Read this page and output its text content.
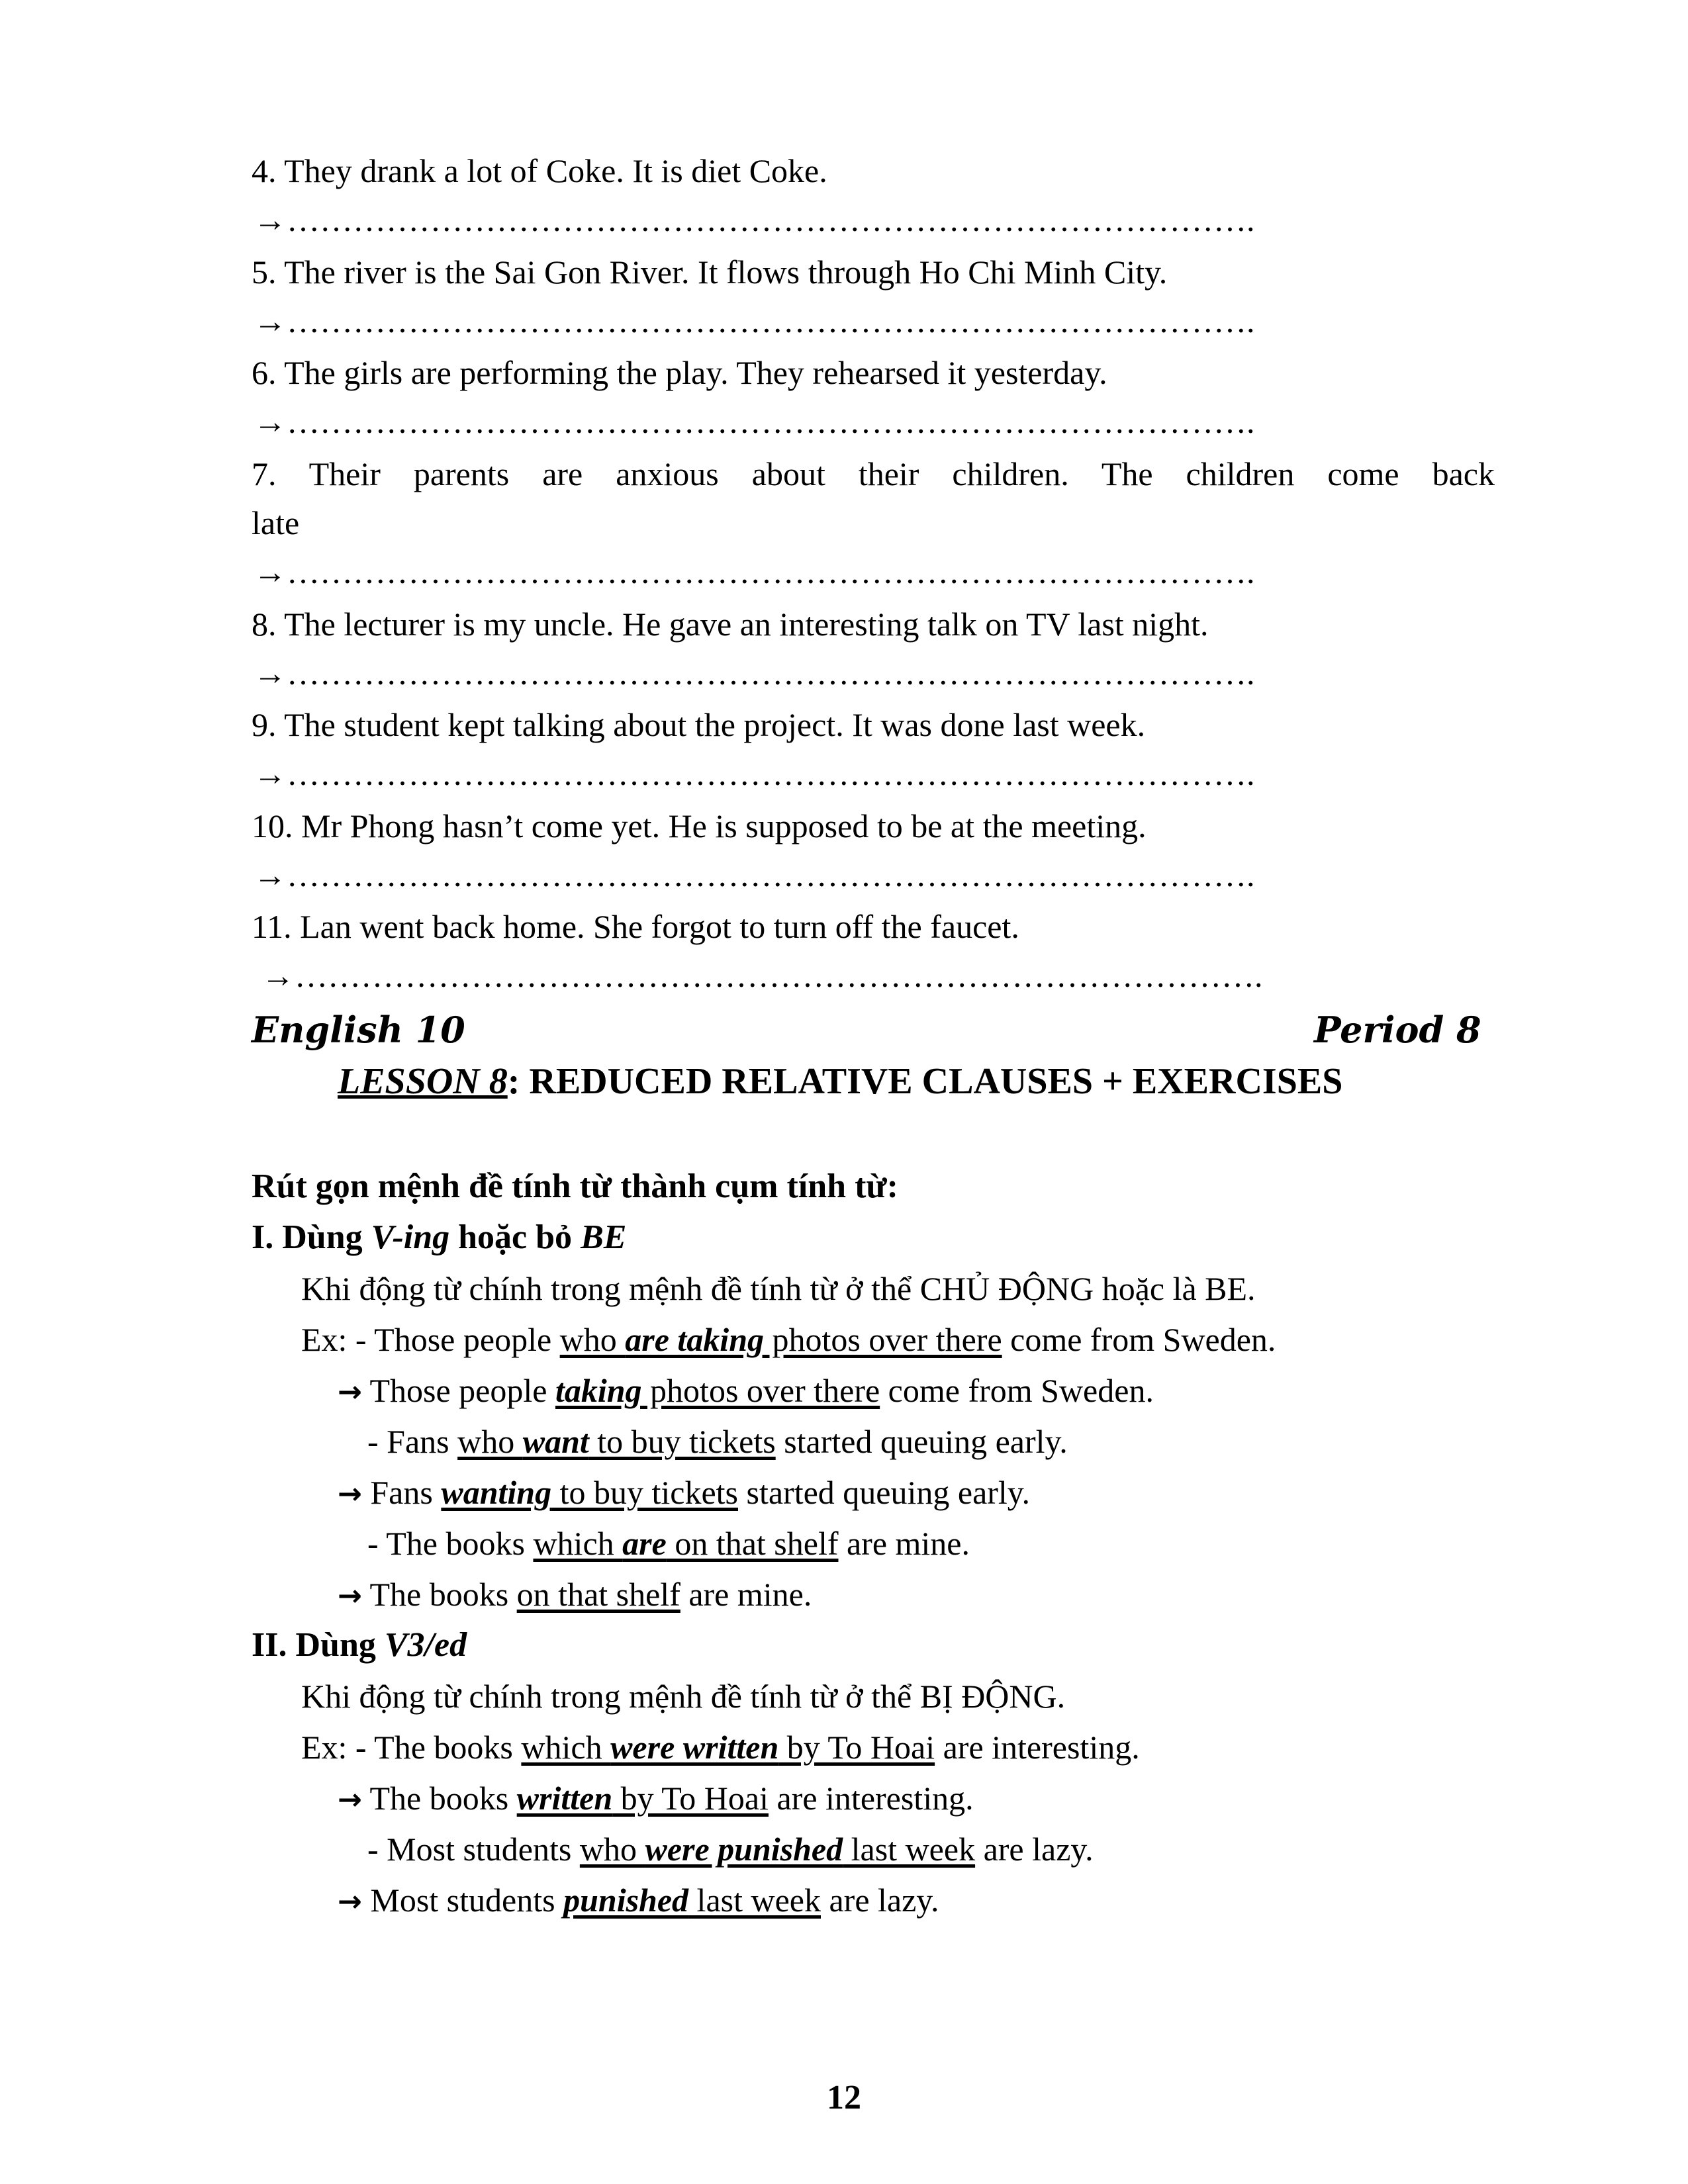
4. They drank a lot of Coke. It is diet Coke.
→…………………………………………………………………………….
5. The river is the Sai Gon River. It flows through Ho Chi Minh City.
→…………………………………………………………………………….
6. The girls are performing the play. They rehearsed it yesterday.
→…………………………………………………………………………….
7. Their parents are anxious about their children. The children come back
late
→…………………………………………………………………………….
8. The lecturer is my uncle. He gave an interesting talk on TV last night.
→…………………………………………………………………………….
9. The student kept talking about the project. It was done last week.
→…………………………………………………………………………….
10. Mr Phong hasn’t come yet. He is supposed to be at the meeting.
→…………………………………………………………………………….
11. Lan went back home. She forgot to turn off the faucet.
→…………………………………………………………………………….
English 10	Period 8
LESSON 8: REDUCED RELATIVE CLAUSES + EXERCISES
Rút gọn mệnh đề tính từ thành cụm tính từ:
I. Dùng V-ing hoặc bỏ BE
Khi động từ chính trong mệnh đề tính từ ở thể CHỦ ĐỘNG hoặc là BE.
Ex: - Those people who are taking photos over there come from Sweden.
→ Those people taking photos over there come from Sweden.
- Fans who want to buy tickets started queuing early.
→ Fans wanting to buy tickets started queuing early.
- The books which are on that shelf are mine.
→ The books on that shelf are mine.
II. Dùng V3/ed
Khi động từ chính trong mệnh đề tính từ ở thể BỊ ĐỘNG.
Ex: - The books which were written by To Hoai are interesting.
→ The books written by To Hoai are interesting.
- Most students who were punished last week are lazy.
→ Most students punished last week are lazy.
12
